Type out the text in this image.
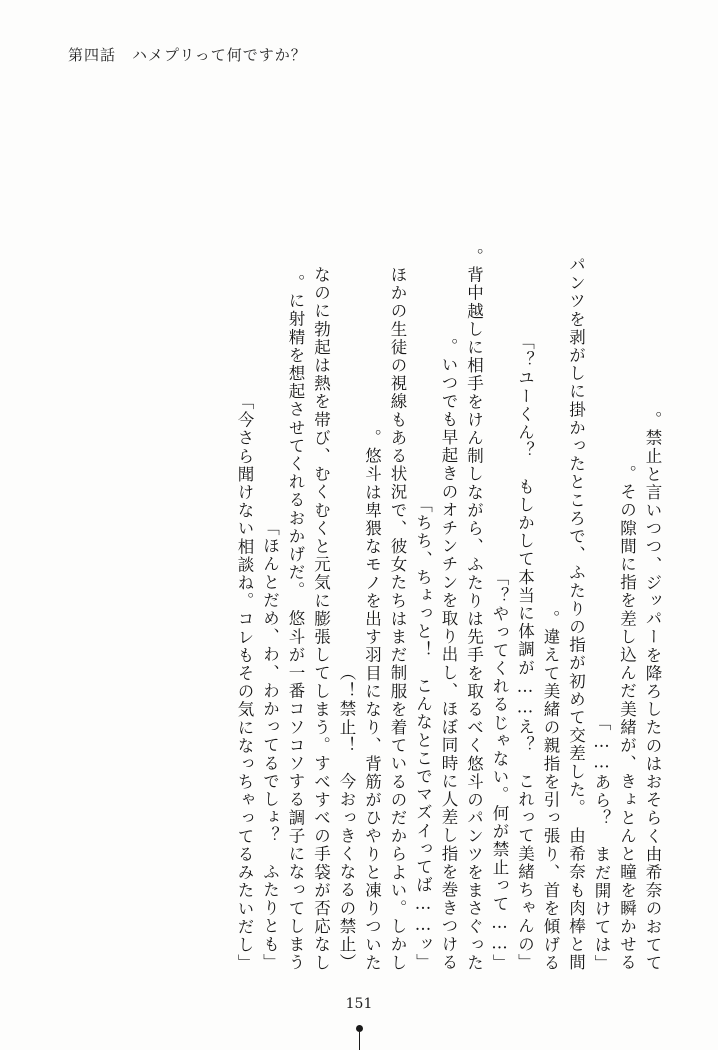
第四話　ハメプリって何ですか？
禁止と言いつつ、ジッパーを降ろしたのはおそらく由希奈のおてて。
その隙間に指を差し込んだ美緒が、きょとんと瞳を瞬かせる。
「あら？　まだ開けては……」
パンツを剥がしに掛かったところで、ふたりの指が初めて交差した。　由希奈も肉棒と間
違えて美緒の親指を引っ張り、首を傾げる。
「ユーくん？　もしかして本当に体調が……え？　これって美緒ちゃんの？」
「……やってくれるじゃない。何が禁止って？」
背中越しに相手をけん制しながら、ふたりは先手を取るべく悠斗のパンツをまさぐった。
いつでも早起きのオチンチンを取り出し、ほぼ同時に人差し指を巻きつける。
「ちち、ちょっと！　こんなとこでマズイってば……ッ」
ほかの生徒の視線もある状況で、彼女たちはまだ制服を着ているのだからよい。しかし
悠斗は卑猥なモノを出す羽目になり、背筋がひやりと凍りついた。
（禁止！　今おっきくなるの禁止！）
なのに勃起は熱を帯び、むくむくと元気に膨張してしまう。すべすべの手袋が否応なし
に射精を想起させてくれるおかげだ。　悠斗が一番コソコソする調子になってしまう。
「ほんとだめ、わ、わかってるでしょ？　ふたりとも」
「今さら聞けない相談ね。コレもその気になっちゃってるみたいだし」
151
